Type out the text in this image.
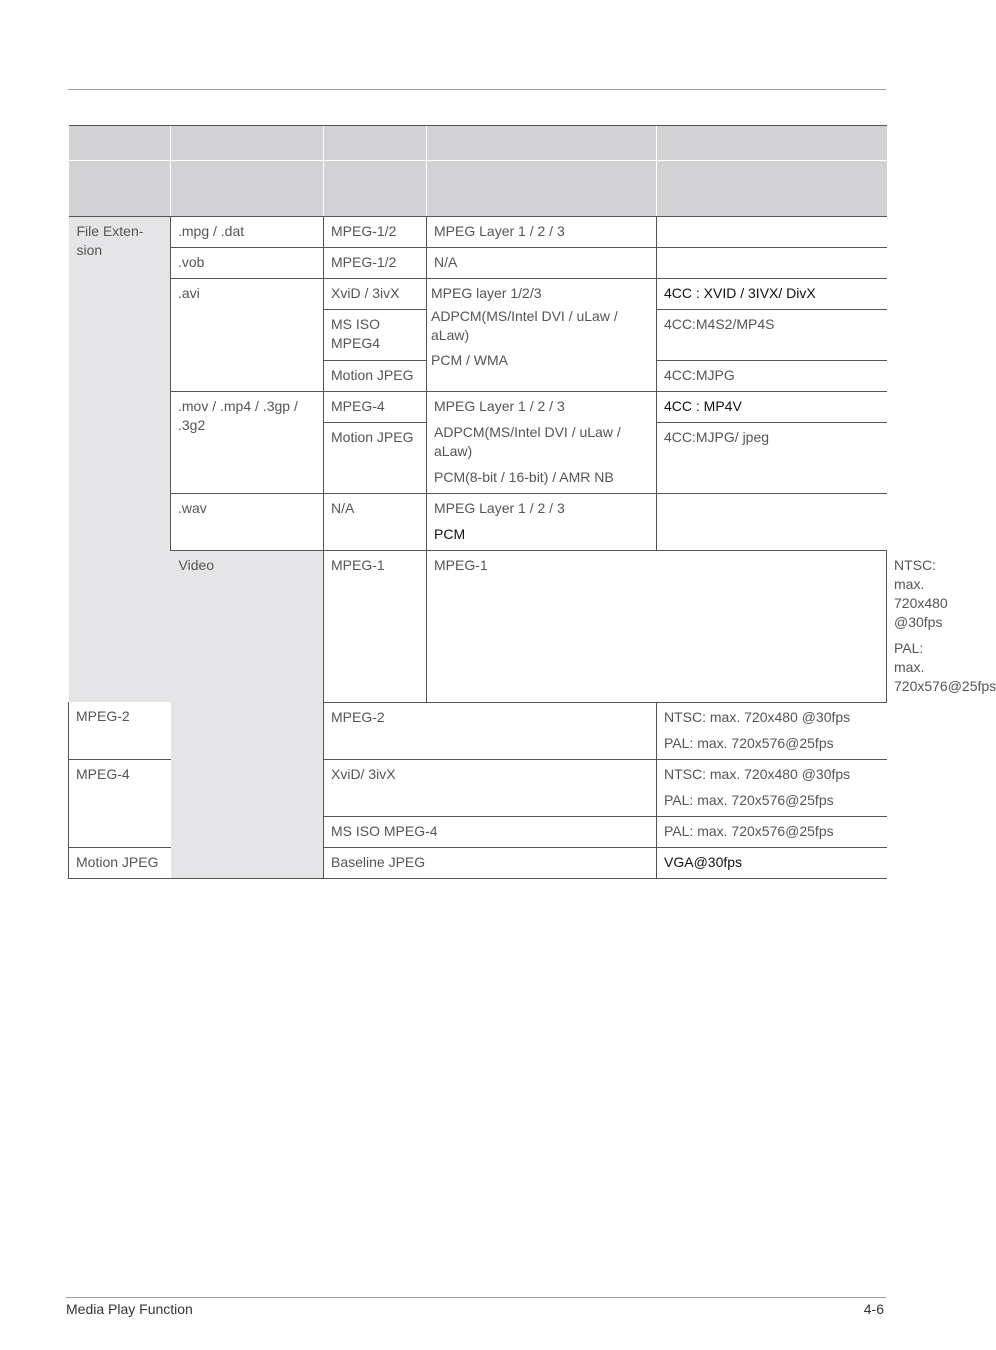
File Exten-sion	.mpg / .dat	MPEG-1/2	MPEG Layer 1 / 2 / 3		
	.vob	MPEG-1/2	N/A		
	.avi	XviD / 3ivX	MPEG layer 1/2/3
ADPCM(MS/Intel DVI / uLaw / aLaw)
PCM / WMA	4CC : XVID / 3IVX/ DivX	
		MS ISO MPEG4		4CC:M4S2/MP4S	
		Motion JPEG		4CC:MJPG	
	.mov / .mp4 / .3gp / .3g2	MPEG-4	MPEG Layer 1 / 2 / 3
ADPCM(MS/Intel DVI / uLaw / aLaw)
PCM(8-bit / 16-bit) / AMR NB	4CC : MP4V	
		Motion JPEG		4CC:MJPG/ jpeg	
	.wav	N/A	MPEG Layer 1 / 2 / 3
PCM		

	Video	MPEG-1	MPEG-1		NTSC: max. 720x480 @30fps
PAL: max. 720x576@25fps

MPEG-2		MPEG-2		NTSC: max. 720x480 @30fps
PAL: max. 720x576@25fps	

MPEG-4		XviD/ 3ivX		NTSC: max. 720x480 @30fps
PAL: max. 720x576@25fps	

		MS ISO MPEG-4		PAL: max. 720x576@25fps	
Motion JPEG		Baseline JPEG		VGA@30fps	
Media Play Function	4-6
